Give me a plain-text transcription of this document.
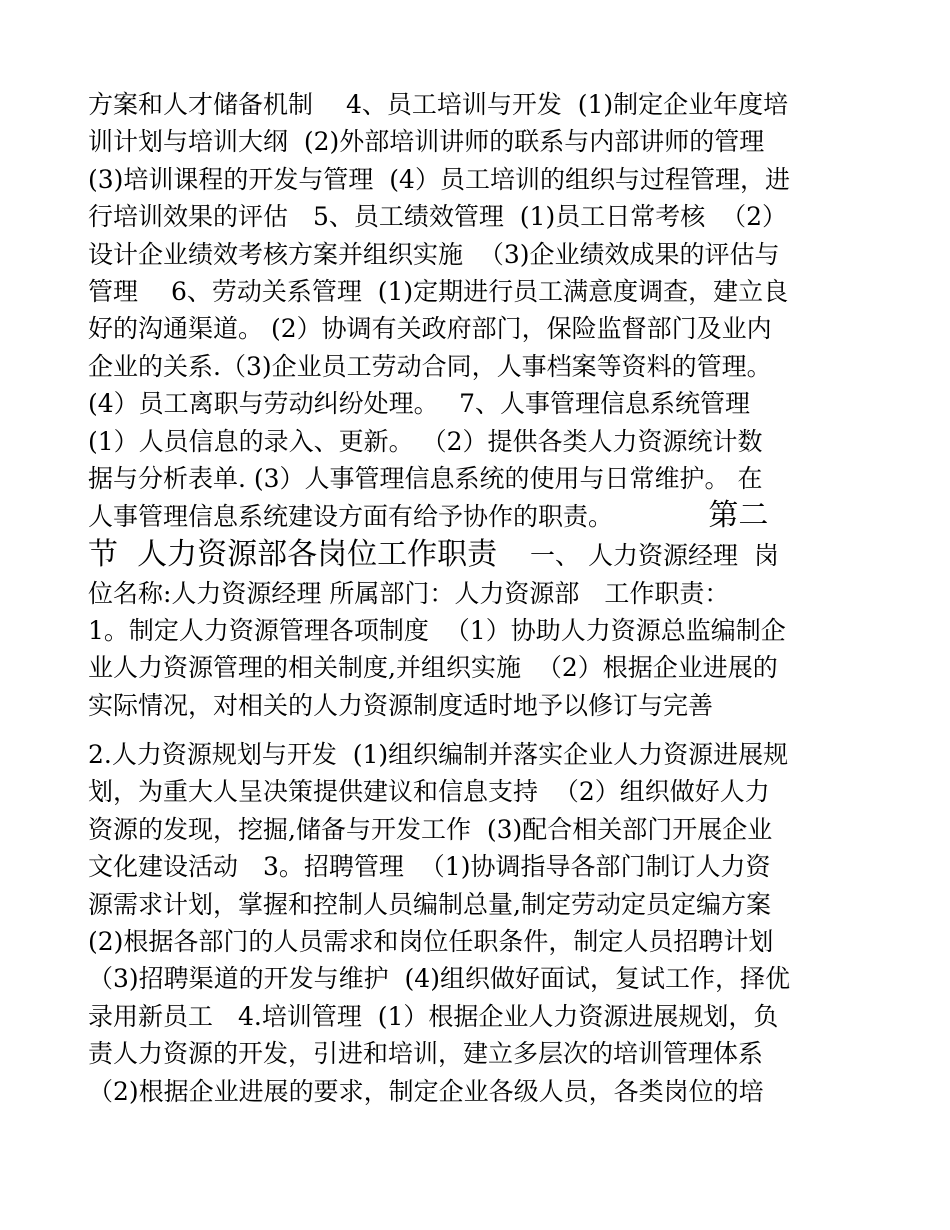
方案和人才储备机制　 4、员工培训与开发  (1)制定企业年度培
训计划与培训大纲  (2)外部培训讲师的联系与内部讲师的管理
(3)培训课程的开发与管理  (4）员工培训的组织与过程管理，进
行培训效果的评估　5、员工绩效管理  (1)员工日常考核  （2）
设计企业绩效考核方案并组织实施  （3)企业绩效成果的评估与
管理　 6、劳动关系管理  (1)定期进行员工满意度调查，建立良
好的沟通渠道。 (2）协调有关政府部门，保险监督部门及业内
企业的关系.（3)企业员工劳动合同，人事档案等资料的管理。
(4）员工离职与劳动纠纷处理。　 7、人事管理信息系统管理
(1）人员信息的录入、更新。 （2）提供各类人力资源统计数
据与分析表单. (3）人事管理信息系统的使用与日常维护。 在
人事管理信息系统建设方面有给予协作的职责。	第二
节  人力资源部各岗位工作职责　 一、 人力资源经理  岗
位名称:人力资源经理 所属部门：人力资源部　工作职责：
1。制定人力资源管理各项制度  （1）协助人力资源总监编制企
业人力资源管理的相关制度,并组织实施  （2）根据企业进展的
实际情况，对相关的人力资源制度适时地予以修订与完善
2.人力资源规划与开发  (1)组织编制并落实企业人力资源进展规
划，为重大人呈决策提供建议和信息支持  （2）组织做好人力
资源的发现，挖掘,储备与开发工作  (3)配合相关部门开展企业
文化建设活动　3。招聘管理  （1)协调指导各部门制订人力资
源需求计划，掌握和控制人员编制总量,制定劳动定员定编方案
(2)根据各部门的人员需求和岗位任职条件，制定人员招聘计划
（3)招聘渠道的开发与维护  (4)组织做好面试，复试工作，择优
录用新员工　4.培训管理  (1）根据企业人力资源进展规划，负
责人力资源的开发，引进和培训，建立多层次的培训管理体系
（2)根据企业进展的要求，制定企业各级人员，各类岗位的培
